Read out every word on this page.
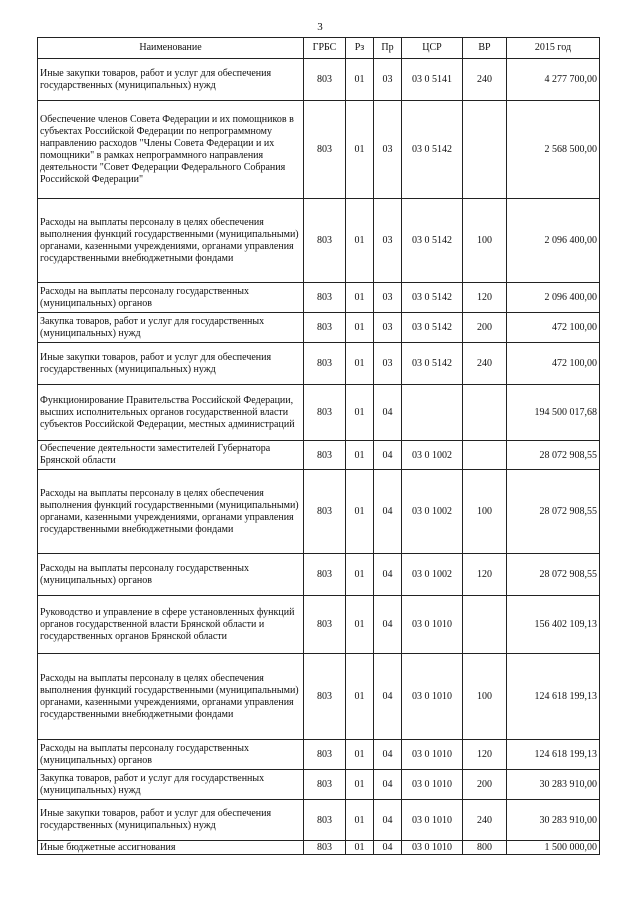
3
Наименование	ГРБС	Рз	Пр	ЦСР	ВР	2015 год
Иные закупки товаров, работ и услуг для обеспечения государственных (муниципальных) нужд	803	01	03	03 0 5141	240	4 277 700,00
Обеспечение членов Совета Федерации и их помощников в субъектах Российской Федерации по непрограммному направлению расходов "Члены Совета Федерации и их помощники" в рамках непрограммного направления деятельности "Совет Федерации Федерального Собрания Российской Федерации"	803	01	03	03 0 5142		2 568 500,00
Расходы на выплаты персоналу в целях обеспечения выполнения функций государственными (муниципальными) органами, казенными учреждениями, органами управления государственными внебюджетными фондами	803	01	03	03 0 5142	100	2 096 400,00
Расходы на выплаты персоналу государственных (муниципальных) органов	803	01	03	03 0 5142	120	2 096 400,00
Закупка товаров, работ и услуг для государственных (муниципальных) нужд	803	01	03	03 0 5142	200	472 100,00
Иные закупки товаров, работ и услуг для обеспечения государственных (муниципальных) нужд	803	01	03	03 0 5142	240	472 100,00
Функционирование Правительства Российской Федерации, высших исполнительных органов государственной власти субъектов Российской Федерации, местных администраций	803	01	04			194 500 017,68
Обеспечение деятельности заместителей Губернатора Брянской области	803	01	04	03 0 1002		28 072 908,55
Расходы на выплаты персоналу в целях обеспечения выполнения функций государственными (муниципальными) органами, казенными учреждениями, органами управления государственными внебюджетными фондами	803	01	04	03 0 1002	100	28 072 908,55
Расходы на выплаты персоналу государственных (муниципальных) органов	803	01	04	03 0 1002	120	28 072 908,55
Руководство и управление в сфере установленных функций органов государственной власти Брянской области и государственных органов Брянской области	803	01	04	03 0 1010		156 402 109,13
Расходы на выплаты персоналу в целях обеспечения выполнения функций государственными (муниципальными) органами, казенными учреждениями, органами управления государственными внебюджетными фондами	803	01	04	03 0 1010	100	124 618 199,13
Расходы на выплаты персоналу государственных (муниципальных) органов	803	01	04	03 0 1010	120	124 618 199,13
Закупка товаров, работ и услуг для государственных (муниципальных) нужд	803	01	04	03 0 1010	200	30 283 910,00
Иные закупки товаров, работ и услуг для обеспечения государственных (муниципальных) нужд	803	01	04	03 0 1010	240	30 283 910,00
Иные бюджетные ассигнования	803	01	04	03 0 1010	800	1 500 000,00
